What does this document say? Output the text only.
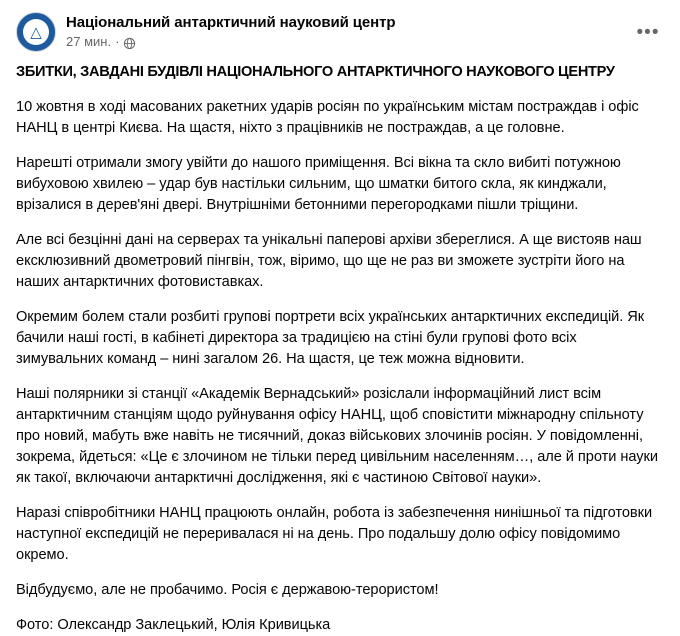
△
Національний антарктичний науковий центр
27 мин. ·	•••

ЗБИТКИ, ЗАВДАНІ БУДІВЛІ НАЦІОНАЛЬНОГО АНТАРКТИЧНОГО НАУКОВОГО ЦЕНТРУ

10 жовтня в ході масованих ракетних ударів росіян по українським містам постраждав і офіс НАНЦ в центрі Києва. На щастя, ніхто з працівників не постраждав, а це головне.

Нарешті отримали змогу увійти до нашого приміщення. Всі вікна та скло вибиті потужною вибуховою хвилею – удар був настільки сильним, що шматки битого скла, як кинджали, врізалися в дерев'яні двері. Внутрішніми бетонними перегородками пішли тріщини.

Але всі безцінні дані на серверах та унікальні паперові архіви збереглися. А ще вистояв наш ексклюзивний двометровий пінгвін, тож, віримо, що ще не раз ви зможете зустріти його на наших антарктичних фотовиставках.

Окремим болем стали розбиті групові портрети всіх українських антарктичних експедицій. Як бачили наші гості, в кабінеті директора за традицією на стіні були групові фото всіх зимувальних команд – нині загалом 26. На щастя, це теж можна відновити.

Наші полярники зі станції «Академік Вернадський» розіслали інформаційний лист всім антарктичним станціям щодо руйнування офісу НАНЦ, щоб сповістити міжнародну спільноту про новий, мабуть вже навіть не тисячний, доказ військових злочинів росіян. У повідомленні, зокрема, йдеться: «Це є злочином не тільки перед цивільним населенням…, але й проти науки як такої, включаючи антарктичні дослідження, які є частиною Світової науки».

Наразі співробітники НАНЦ працюють онлайн, робота із забезпечення нинішньої та підготовки наступної експедицій не переривалася ні на день. Про подальшу долю офісу повідомимо окремо.

Відбудуємо, але не пробачимо. Росія є державою-терористом!

Фото: Олександр Заклецький, Юлія Кривицька
